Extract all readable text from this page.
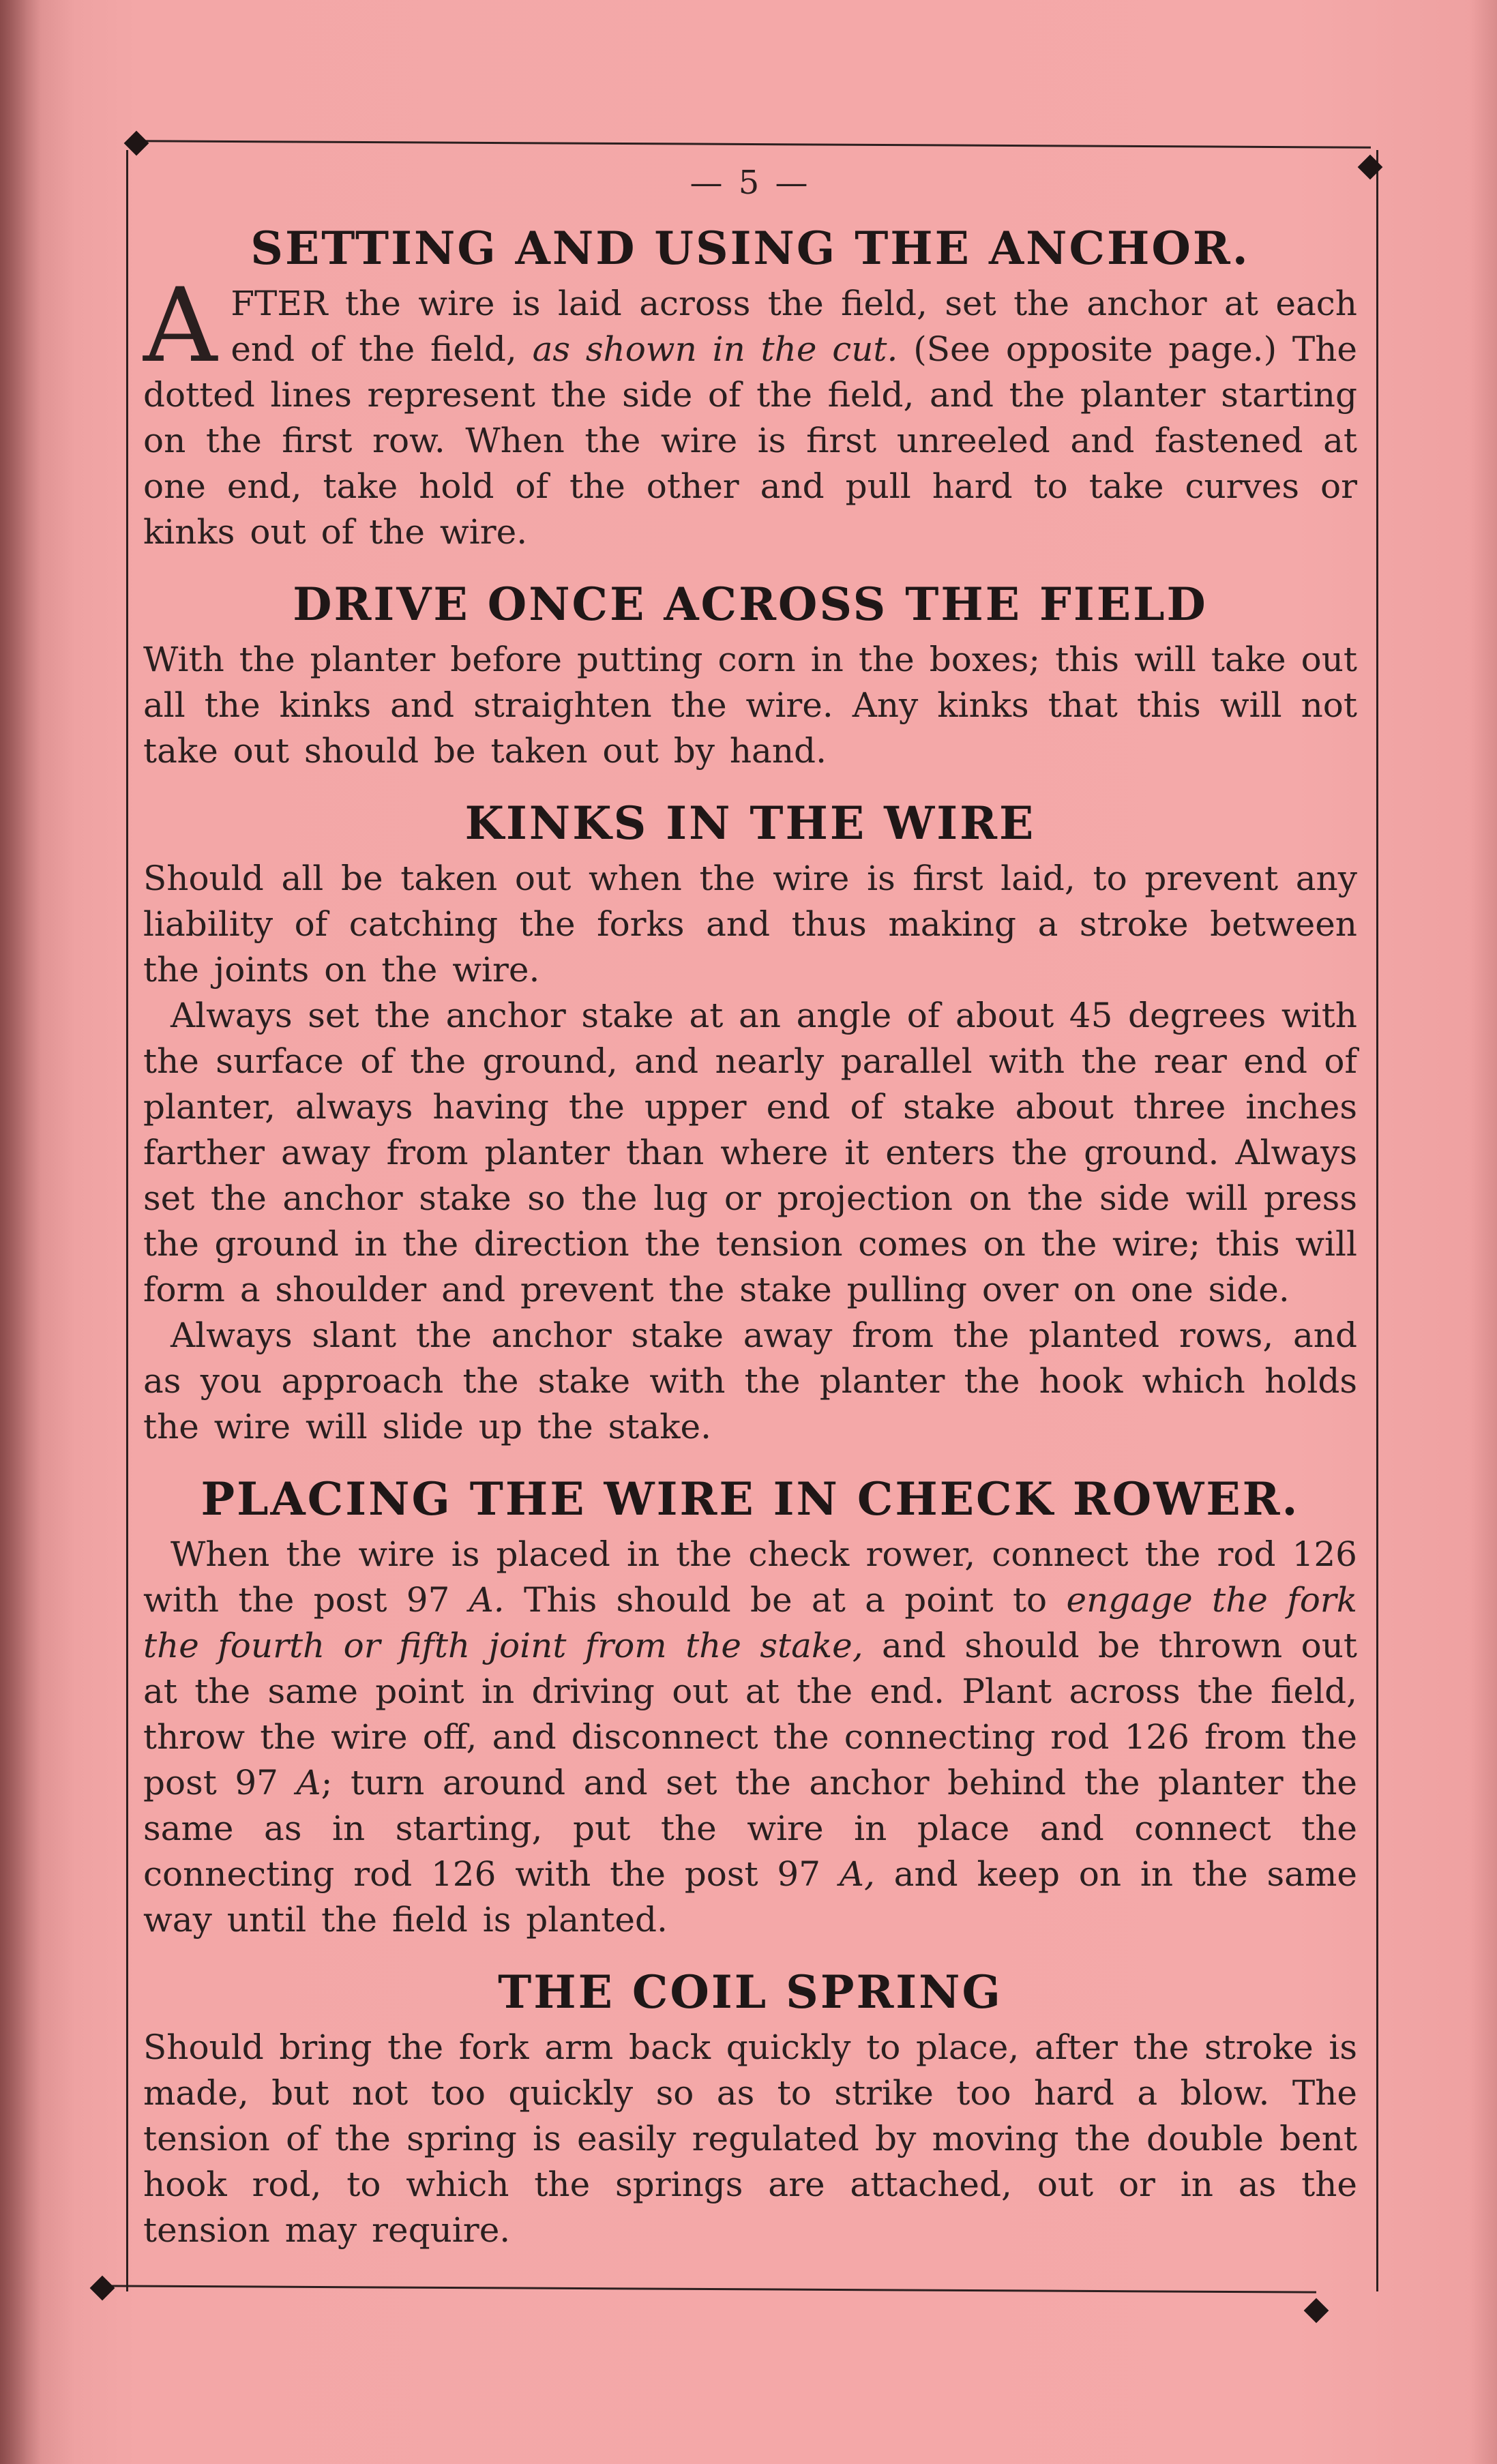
— 5 —
SETTING AND USING THE ANCHOR.

AFTER the wire is laid across the field, set the anchor at each end of the field, as shown in the cut. (See opposite page.) The dotted lines represent the side of the field, and the planter starting on the first row. When the wire is first unreeled and fastened at one end, take hold of the other and pull hard to take curves or kinks out of the wire.

DRIVE ONCE ACROSS THE FIELD

With the planter before putting corn in the boxes; this will take out all the kinks and straighten the wire. Any kinks that this will not take out should be taken out by hand.

KINKS IN THE WIRE

Should all be taken out when the wire is first laid, to prevent any liability of catching the forks and thus making a stroke between the joints on the wire.

Always set the anchor stake at an angle of about 45 degrees with the surface of the ground, and nearly parallel with the rear end of planter, always having the upper end of stake about three inches farther away from planter than where it enters the ground. Always set the anchor stake so the lug or projection on the side will press the ground in the direction the tension comes on the wire; this will form a shoulder and prevent the stake pulling over on one side.

Always slant the anchor stake away from the planted rows, and as you approach the stake with the planter the hook which holds the wire will slide up the stake.

PLACING THE WIRE IN CHECK ROWER.

When the wire is placed in the check rower, connect the rod 126 with the post 97 A. This should be at a point to engage the fork the fourth or fifth joint from the stake, and should be thrown out at the same point in driving out at the end. Plant across the field, throw the wire off, and disconnect the connecting rod 126 from the post 97 A; turn around and set the anchor behind the planter the same as in starting, put the wire in place and connect the connecting rod 126 with the post 97 A, and keep on in the same way until the field is planted.

THE COIL SPRING

Should bring the fork arm back quickly to place, after the stroke is made, but not too quickly so as to strike too hard a blow. The tension of the spring is easily regulated by moving the double bent hook rod, to which the springs are attached, out or in as the tension may require.
